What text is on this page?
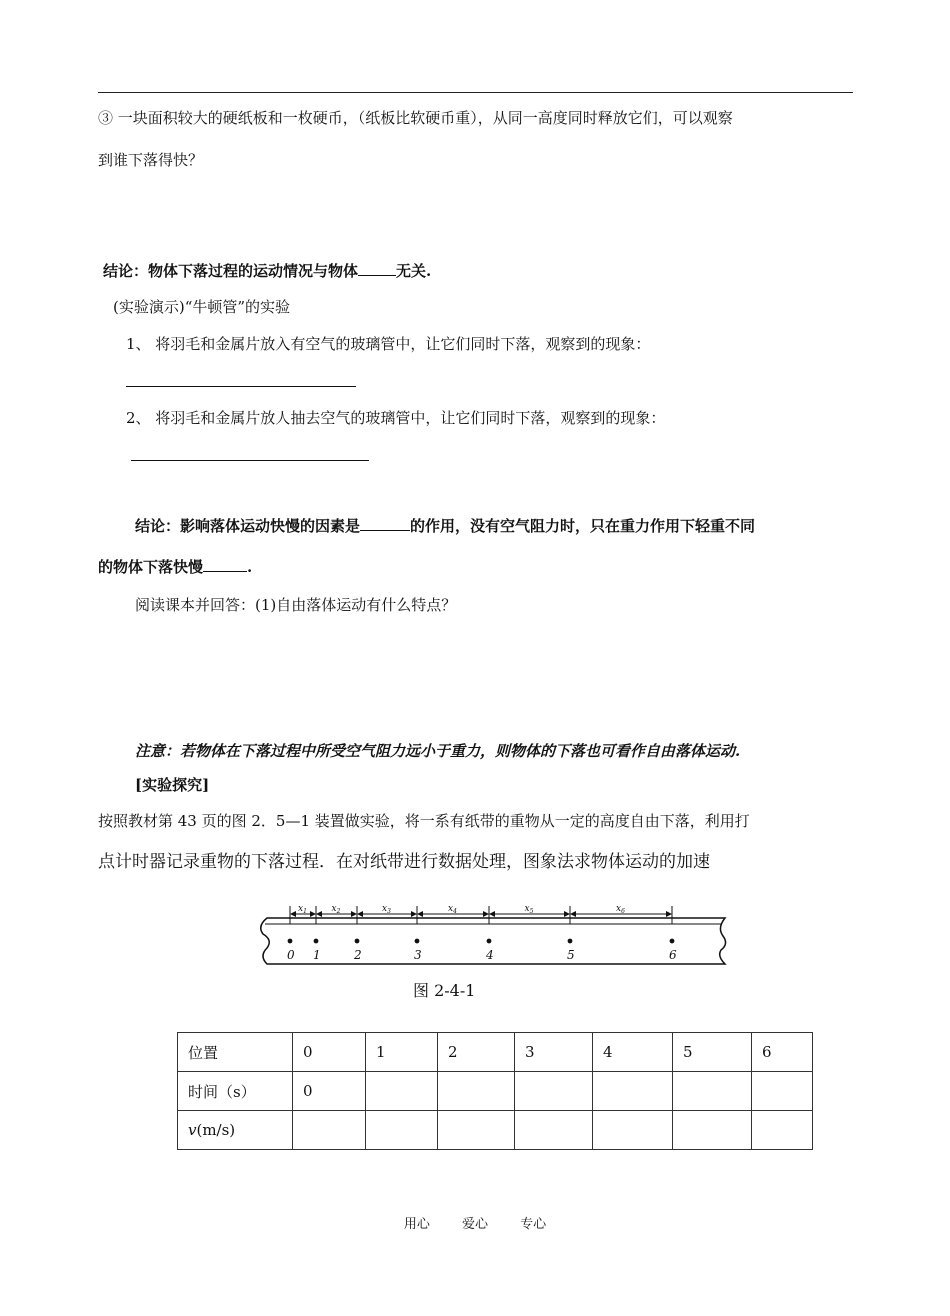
③ 一块面积较大的硬纸板和一枚硬币，（纸板比软硬币重），从同一高度同时释放它们，可以观察
到谁下落得快？
结论：物体下落过程的运动情况与物体	无关.
(实验演示)“牛顿管”的实验
1、 将羽毛和金属片放入有空气的玻璃管中，让它们同时下落，观察到的现象：
2、 将羽毛和金属片放人抽去空气的玻璃管中，让它们同时下落，观察到的现象：
结论：影响落体运动快慢的因素是	的作用，没有空气阻力时，只在重力作用下轻重不同
的物体下落快慢	.
阅读课本并回答：(1)自由落体运动有什么特点？
注意：若物体在下落过程中所受空气阻力远小于重力，则物体的下落也可看作自由落体运动.
[实验探究]
按照教材第 43 页的图 2．5—1 装置做实验，将一系有纸带的重物从一定的高度自由下落，利用打
点计时器记录重物的下落过程．在对纸带进行数据处理，图象法求物体运动的加速
0 1	2	3	4	5	6
$x_1$	$x_2$	$x_3$	$x_4$	$x_5$	$x_6$
图 2-4-1
位置	0	1	2	3	4	5	6
时间（s）	0						
v(m/s)							
用心 爱心 专心
